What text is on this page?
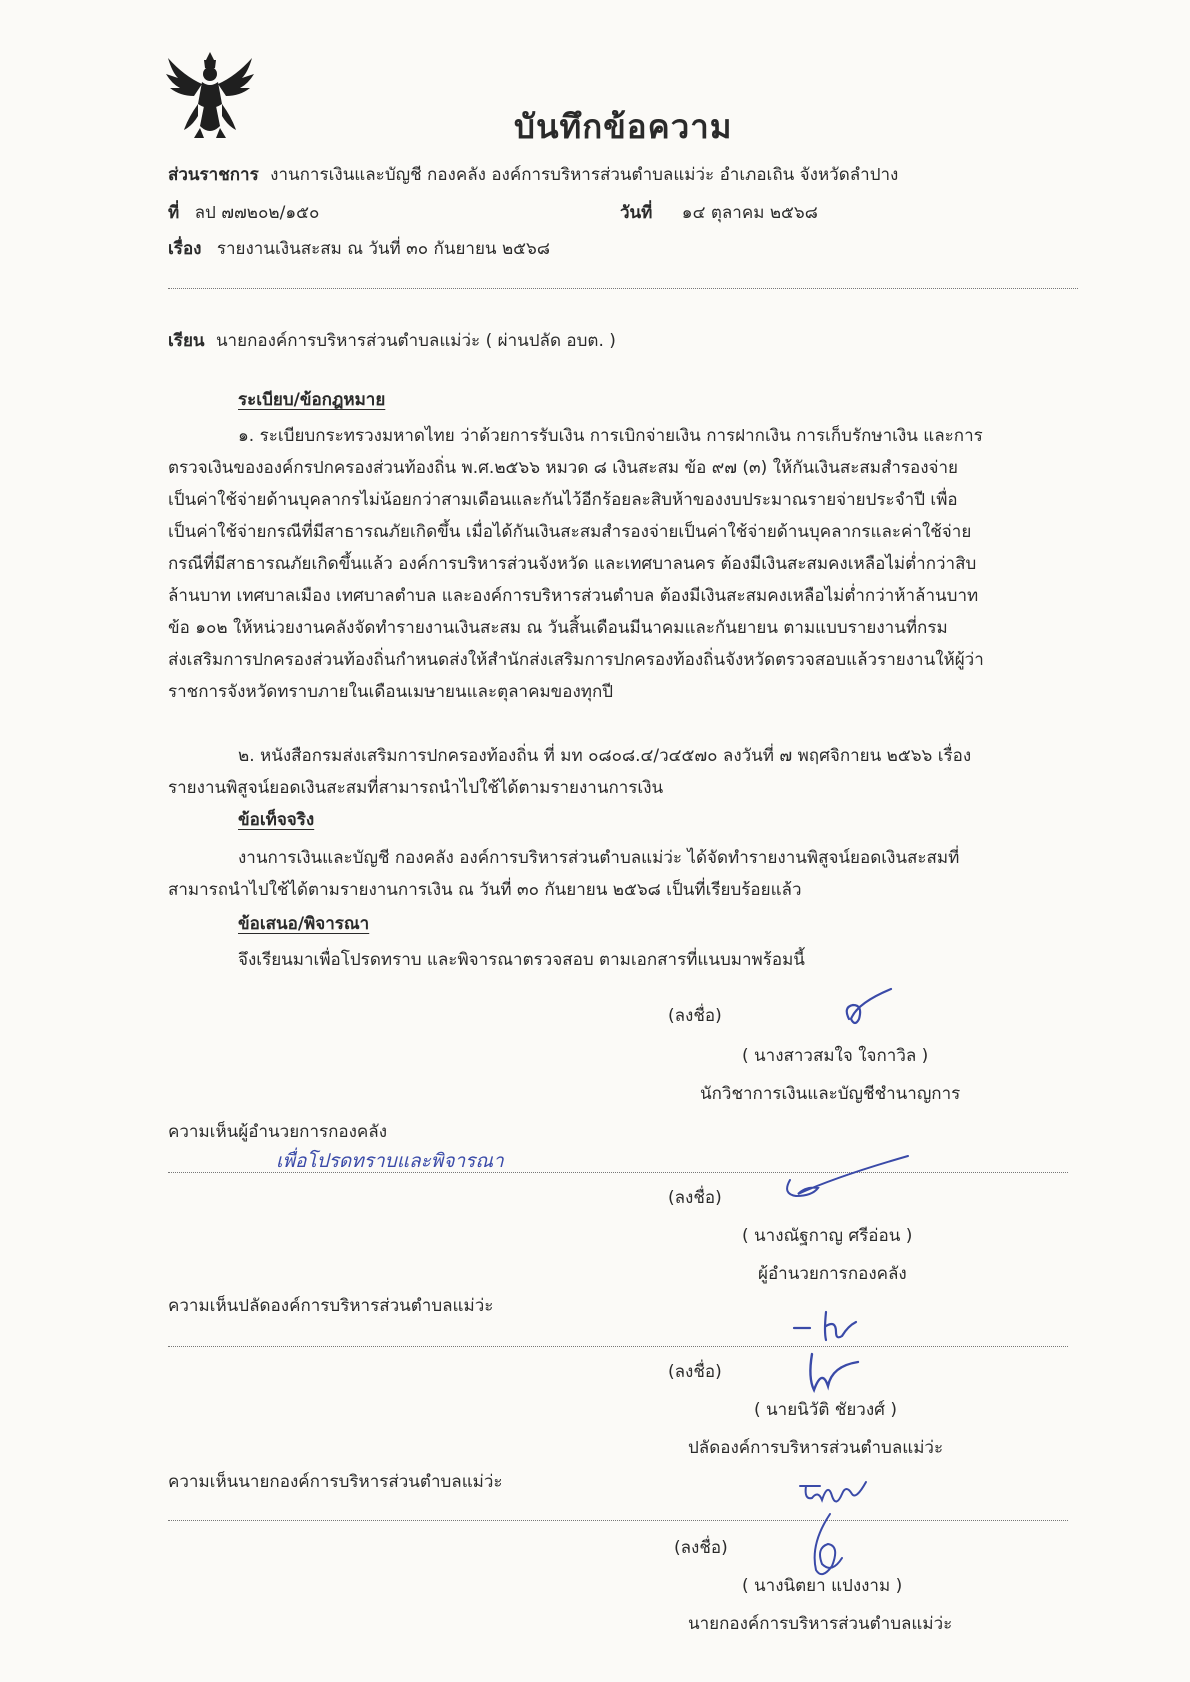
บันทึกข้อความ
ส่วนราชการ งานการเงินและบัญชี กองคลัง องค์การบริหารส่วนตำบลแม่ว่ะ อำเภอเถิน จังหวัดลำปาง
ที่ ลป ๗๗๒๐๒/๑๕๐	วันที่ ๑๔ ตุลาคม ๒๕๖๘
เรื่อง รายงานเงินสะสม ณ วันที่ ๓๐ กันยายน ๒๕๖๘
เรียน นายกองค์การบริหารส่วนตำบลแม่ว่ะ ( ผ่านปลัด อบต. )
ระเบียบ/ข้อกฎหมาย
๑. ระเบียบกระทรวงมหาดไทย ว่าด้วยการรับเงิน การเบิกจ่ายเงิน การฝากเงิน การเก็บรักษาเงิน และการ
ตรวจเงินขององค์กรปกครองส่วนท้องถิ่น พ.ศ.๒๕๖๖ หมวด ๘ เงินสะสม ข้อ ๙๗ (๓) ให้กันเงินสะสมสำรองจ่าย
เป็นค่าใช้จ่ายด้านบุคลากรไม่น้อยกว่าสามเดือนและกันไว้อีกร้อยละสิบห้าของงบประมาณรายจ่ายประจำปี เพื่อ
เป็นค่าใช้จ่ายกรณีที่มีสาธารณภัยเกิดขึ้น เมื่อได้กันเงินสะสมสำรองจ่ายเป็นค่าใช้จ่ายด้านบุคลากรและค่าใช้จ่าย
กรณีที่มีสาธารณภัยเกิดขึ้นแล้ว องค์การบริหารส่วนจังหวัด และเทศบาลนคร ต้องมีเงินสะสมคงเหลือไม่ต่ำกว่าสิบ
ล้านบาท เทศบาลเมือง เทศบาลตำบล และองค์การบริหารส่วนตำบล ต้องมีเงินสะสมคงเหลือไม่ต่ำกว่าห้าล้านบาท
ข้อ ๑๐๒ ให้หน่วยงานคลังจัดทำรายงานเงินสะสม ณ วันสิ้นเดือนมีนาคมและกันยายน ตามแบบรายงานที่กรม
ส่งเสริมการปกครองส่วนท้องถิ่นกำหนดส่งให้สำนักส่งเสริมการปกครองท้องถิ่นจังหวัดตรวจสอบแล้วรายงานให้ผู้ว่า
ราชการจังหวัดทราบภายในเดือนเมษายนและตุลาคมของทุกปี
๒. หนังสือกรมส่งเสริมการปกครองท้องถิ่น ที่ มท ๐๘๐๘.๔/ว๔๕๗๐ ลงวันที่ ๗ พฤศจิกายน ๒๕๖๖ เรื่อง
รายงานพิสูจน์ยอดเงินสะสมที่สามารถนำไปใช้ได้ตามรายงานการเงิน
ข้อเท็จจริง
งานการเงินและบัญชี กองคลัง องค์การบริหารส่วนตำบลแม่ว่ะ ได้จัดทำรายงานพิสูจน์ยอดเงินสะสมที่
สามารถนำไปใช้ได้ตามรายงานการเงิน ณ วันที่ ๓๐ กันยายน ๒๕๖๘ เป็นที่เรียบร้อยแล้ว
ข้อเสนอ/พิจารณา
จึงเรียนมาเพื่อโปรดทราบ และพิจารณาตรวจสอบ ตามเอกสารที่แนบมาพร้อมนี้
(ลงชื่อ)
( นางสาวสมใจ ใจกาวิล )
นักวิชาการเงินและบัญชีชำนาญการ
ความเห็นผู้อำนวยการกองคลัง
เพื่อโปรดทราบและพิจารณา
(ลงชื่อ)
( นางณัฐกาญ ศรีอ่อน )
ผู้อำนวยการกองคลัง
ความเห็นปลัดองค์การบริหารส่วนตำบลแม่ว่ะ
(ลงชื่อ)
( นายนิวัติ ชัยวงศ์ )
ปลัดองค์การบริหารส่วนตำบลแม่ว่ะ
ความเห็นนายกองค์การบริหารส่วนตำบลแม่ว่ะ
(ลงชื่อ)
( นางนิตยา แปงงาม )
นายกองค์การบริหารส่วนตำบลแม่ว่ะ
